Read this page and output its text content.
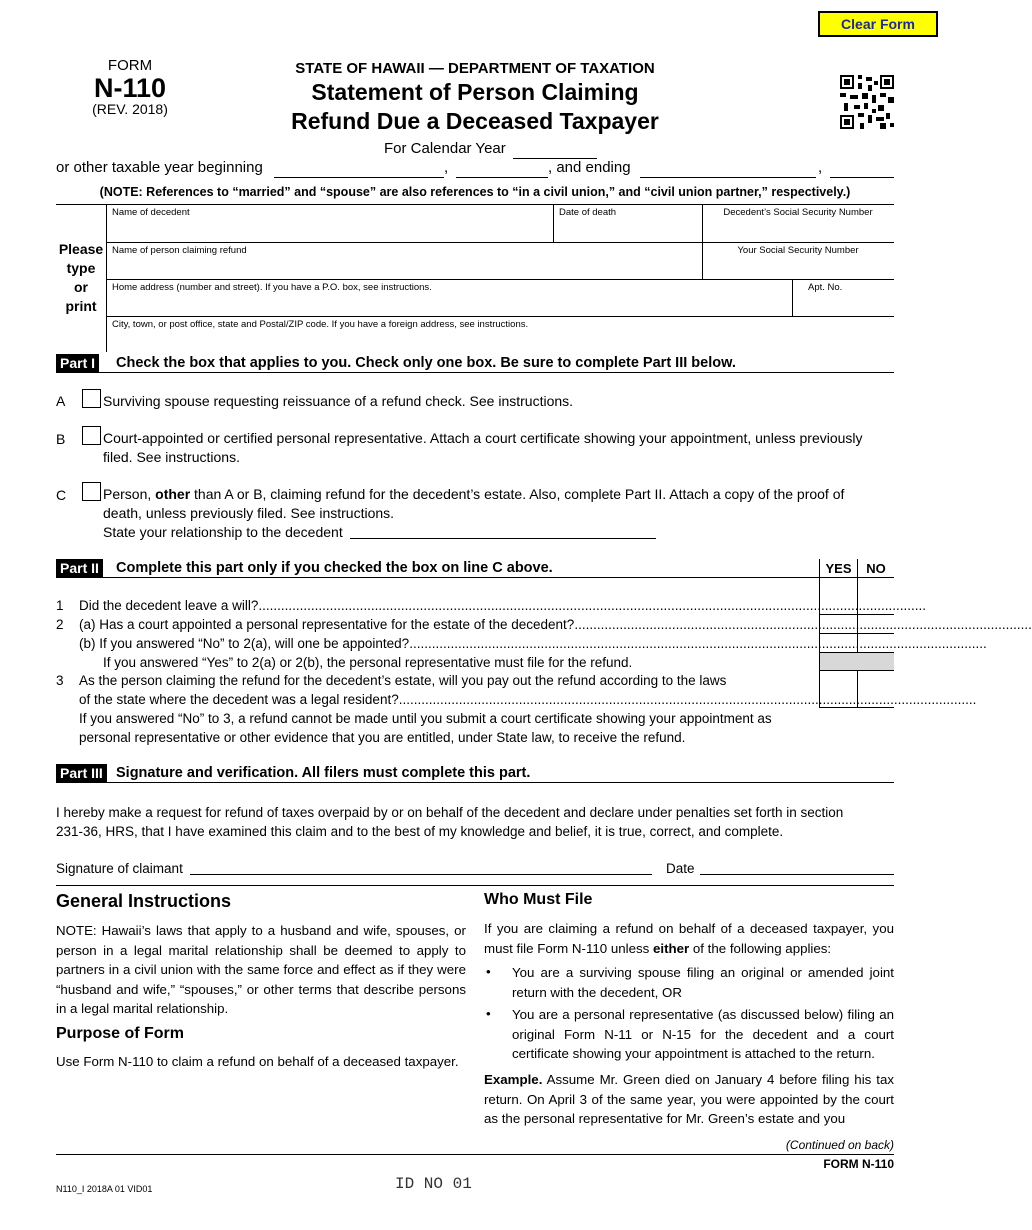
Clear Form
FORM
N-110
(REV. 2018)
STATE OF HAWAII — DEPARTMENT OF TAXATION
Statement of Person Claiming
Refund Due a Deceased Taxpayer
For Calendar Year
or other taxable year beginning	,	, and ending	,
(NOTE: References to “married” and “spouse” are also references to “in a civil union,” and “civil union partner,” respectively.)
Please
type
or
print
Name of decedent	Date of death	Decedent’s Social Security Number
Name of person claiming refund	Your Social Security Number
Home address (number and street). If you have a P.O. box, see instructions.	Apt. No.
City, town, or post office, state and Postal/ZIP code. If you have a foreign address, see instructions.
Part I Check the box that applies to you. Check only one box. Be sure to complete Part III below.
A	Surviving spouse requesting reissuance of a refund check. See instructions.
B	Court-appointed or certified personal representative. Attach a court certificate showing your appointment, unless previously
filed. See instructions.
C	Person, other than A or B, claiming refund for the decedent’s estate. Also, complete Part II. Attach a copy of the proof of
death, unless previously filed. See instructions.
State your relationship to the decedent
Part II Complete this part only if you checked the box on line C above.	YES	NO
1 Did the decedent leave a will?..................................................................................................................................................................................
2 (a) Has a court appointed a personal representative for the estate of the decedent?..........................................................................................................................
(b) If you answered “No” to 2(a), will one be appointed?..........................................................................................................................................................
If you answered “Yes” to 2(a) or 2(b), the personal representative must file for the refund.
3 As the person claiming the refund for the decedent’s estate, will you pay out the refund according to the laws
of the state where the decedent was a legal resident?..........................................................................................................................................................
If you answered “No” to 3, a refund cannot be made until you submit a court certificate showing your appointment as
personal representative or other evidence that you are entitled, under State law, to receive the refund.
Part III Signature and verification. All filers must complete this part.
I hereby make a request for refund of taxes overpaid by or on behalf of the decedent and declare under penalties set forth in section
231-36, HRS, that I have examined this claim and to the best of my knowledge and belief, it is true, correct, and complete.
Signature of claimant	Date
General Instructions
NOTE: Hawaii’s laws that apply to a husband and wife, spouses, or person in a legal marital relationship shall be deemed to apply to partners in a civil union with the same force and effect as if they were “husband and wife,” “spouses,” or other terms that describe persons in a legal marital relationship.
Purpose of Form
Use Form N-110 to claim a refund on behalf of a deceased taxpayer.
Who Must File
If you are claiming a refund on behalf of a deceased taxpayer, you must file Form N-110 unless either of the following applies:
• You are a surviving spouse filing an original or amended joint return with the decedent, OR
• You are a personal representative (as discussed below) filing an original Form N-11 or N-15 for the decedent and a court certificate showing your appointment is attached to the return.
Example. Assume Mr. Green died on January 4 before filing his tax return. On April 3 of the same year, you were appointed by the court as the personal representative for Mr. Green’s estate and you
(Continued on back)
FORM N-110
N110_I 2018A 01 VID01	ID NO 01
